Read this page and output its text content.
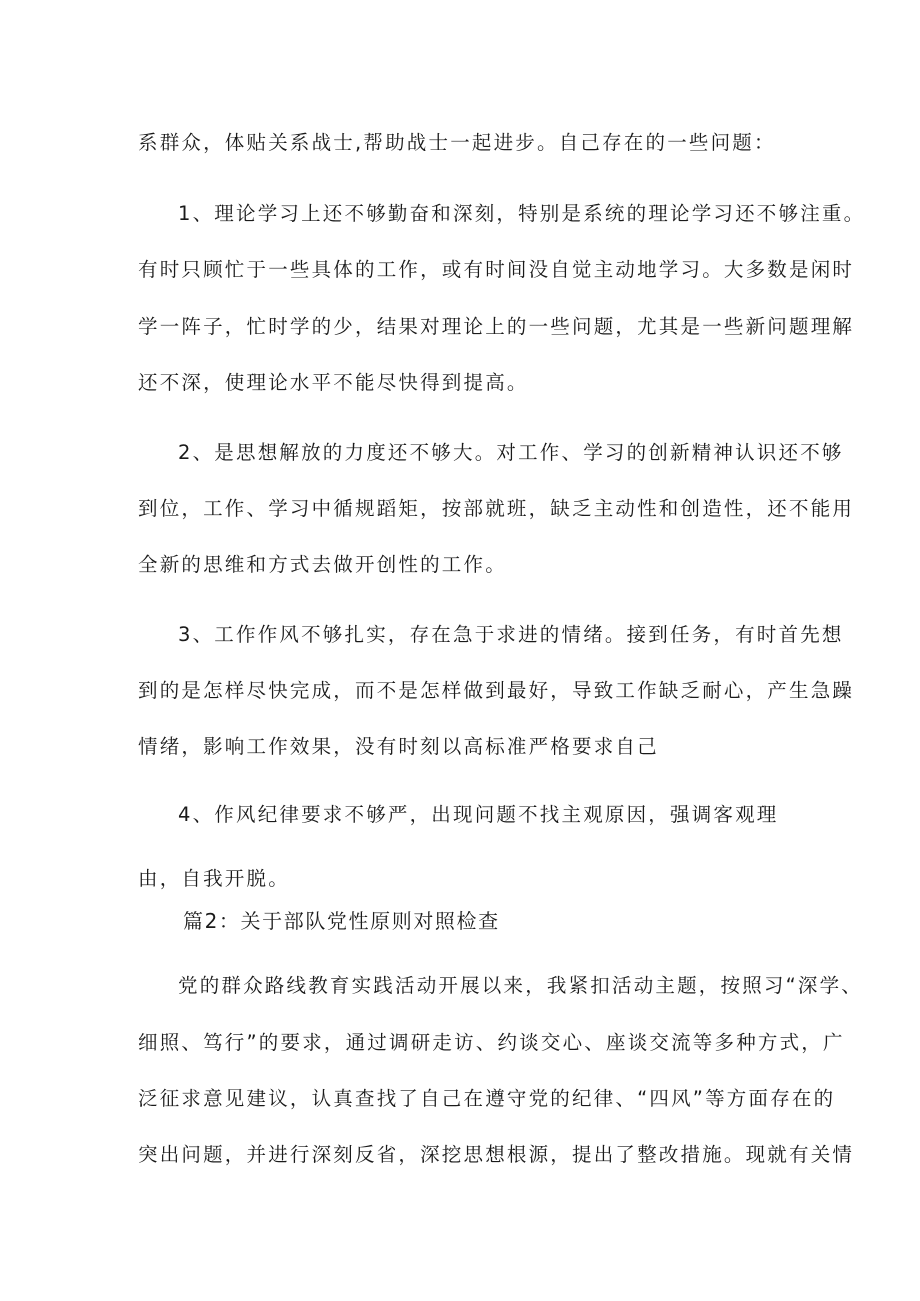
系群众，体贴关系战士,帮助战士一起进步。自己存在的一些问题：
1、理论学习上还不够勤奋和深刻，特别是系统的理论学习还不够注重。
有时只顾忙于一些具体的工作，或有时间没自觉主动地学习。大多数是闲时
学一阵子，忙时学的少，结果对理论上的一些问题，尤其是一些新问题理解
还不深，使理论水平不能尽快得到提高。
2、是思想解放的力度还不够大。对工作、学习的创新精神认识还不够
到位，工作、学习中循规蹈矩，按部就班，缺乏主动性和创造性，还不能用
全新的思维和方式去做开创性的工作。
3、工作作风不够扎实，存在急于求进的情绪。接到任务，有时首先想
到的是怎样尽快完成，而不是怎样做到最好，导致工作缺乏耐心，产生急躁
情绪，影响工作效果，没有时刻以高标准严格要求自己
4、作风纪律要求不够严，出现问题不找主观原因，强调客观理
由，自我开脱。
篇2：关于部队党性原则对照检查
党的群众路线教育实践活动开展以来，我紧扣活动主题，按照习“深学、
细照、笃行”的要求，通过调研走访、约谈交心、座谈交流等多种方式，广
泛征求意见建议，认真查找了自己在遵守党的纪律、“四风”等方面存在的
突出问题，并进行深刻反省，深挖思想根源，提出了整改措施。现就有关情
